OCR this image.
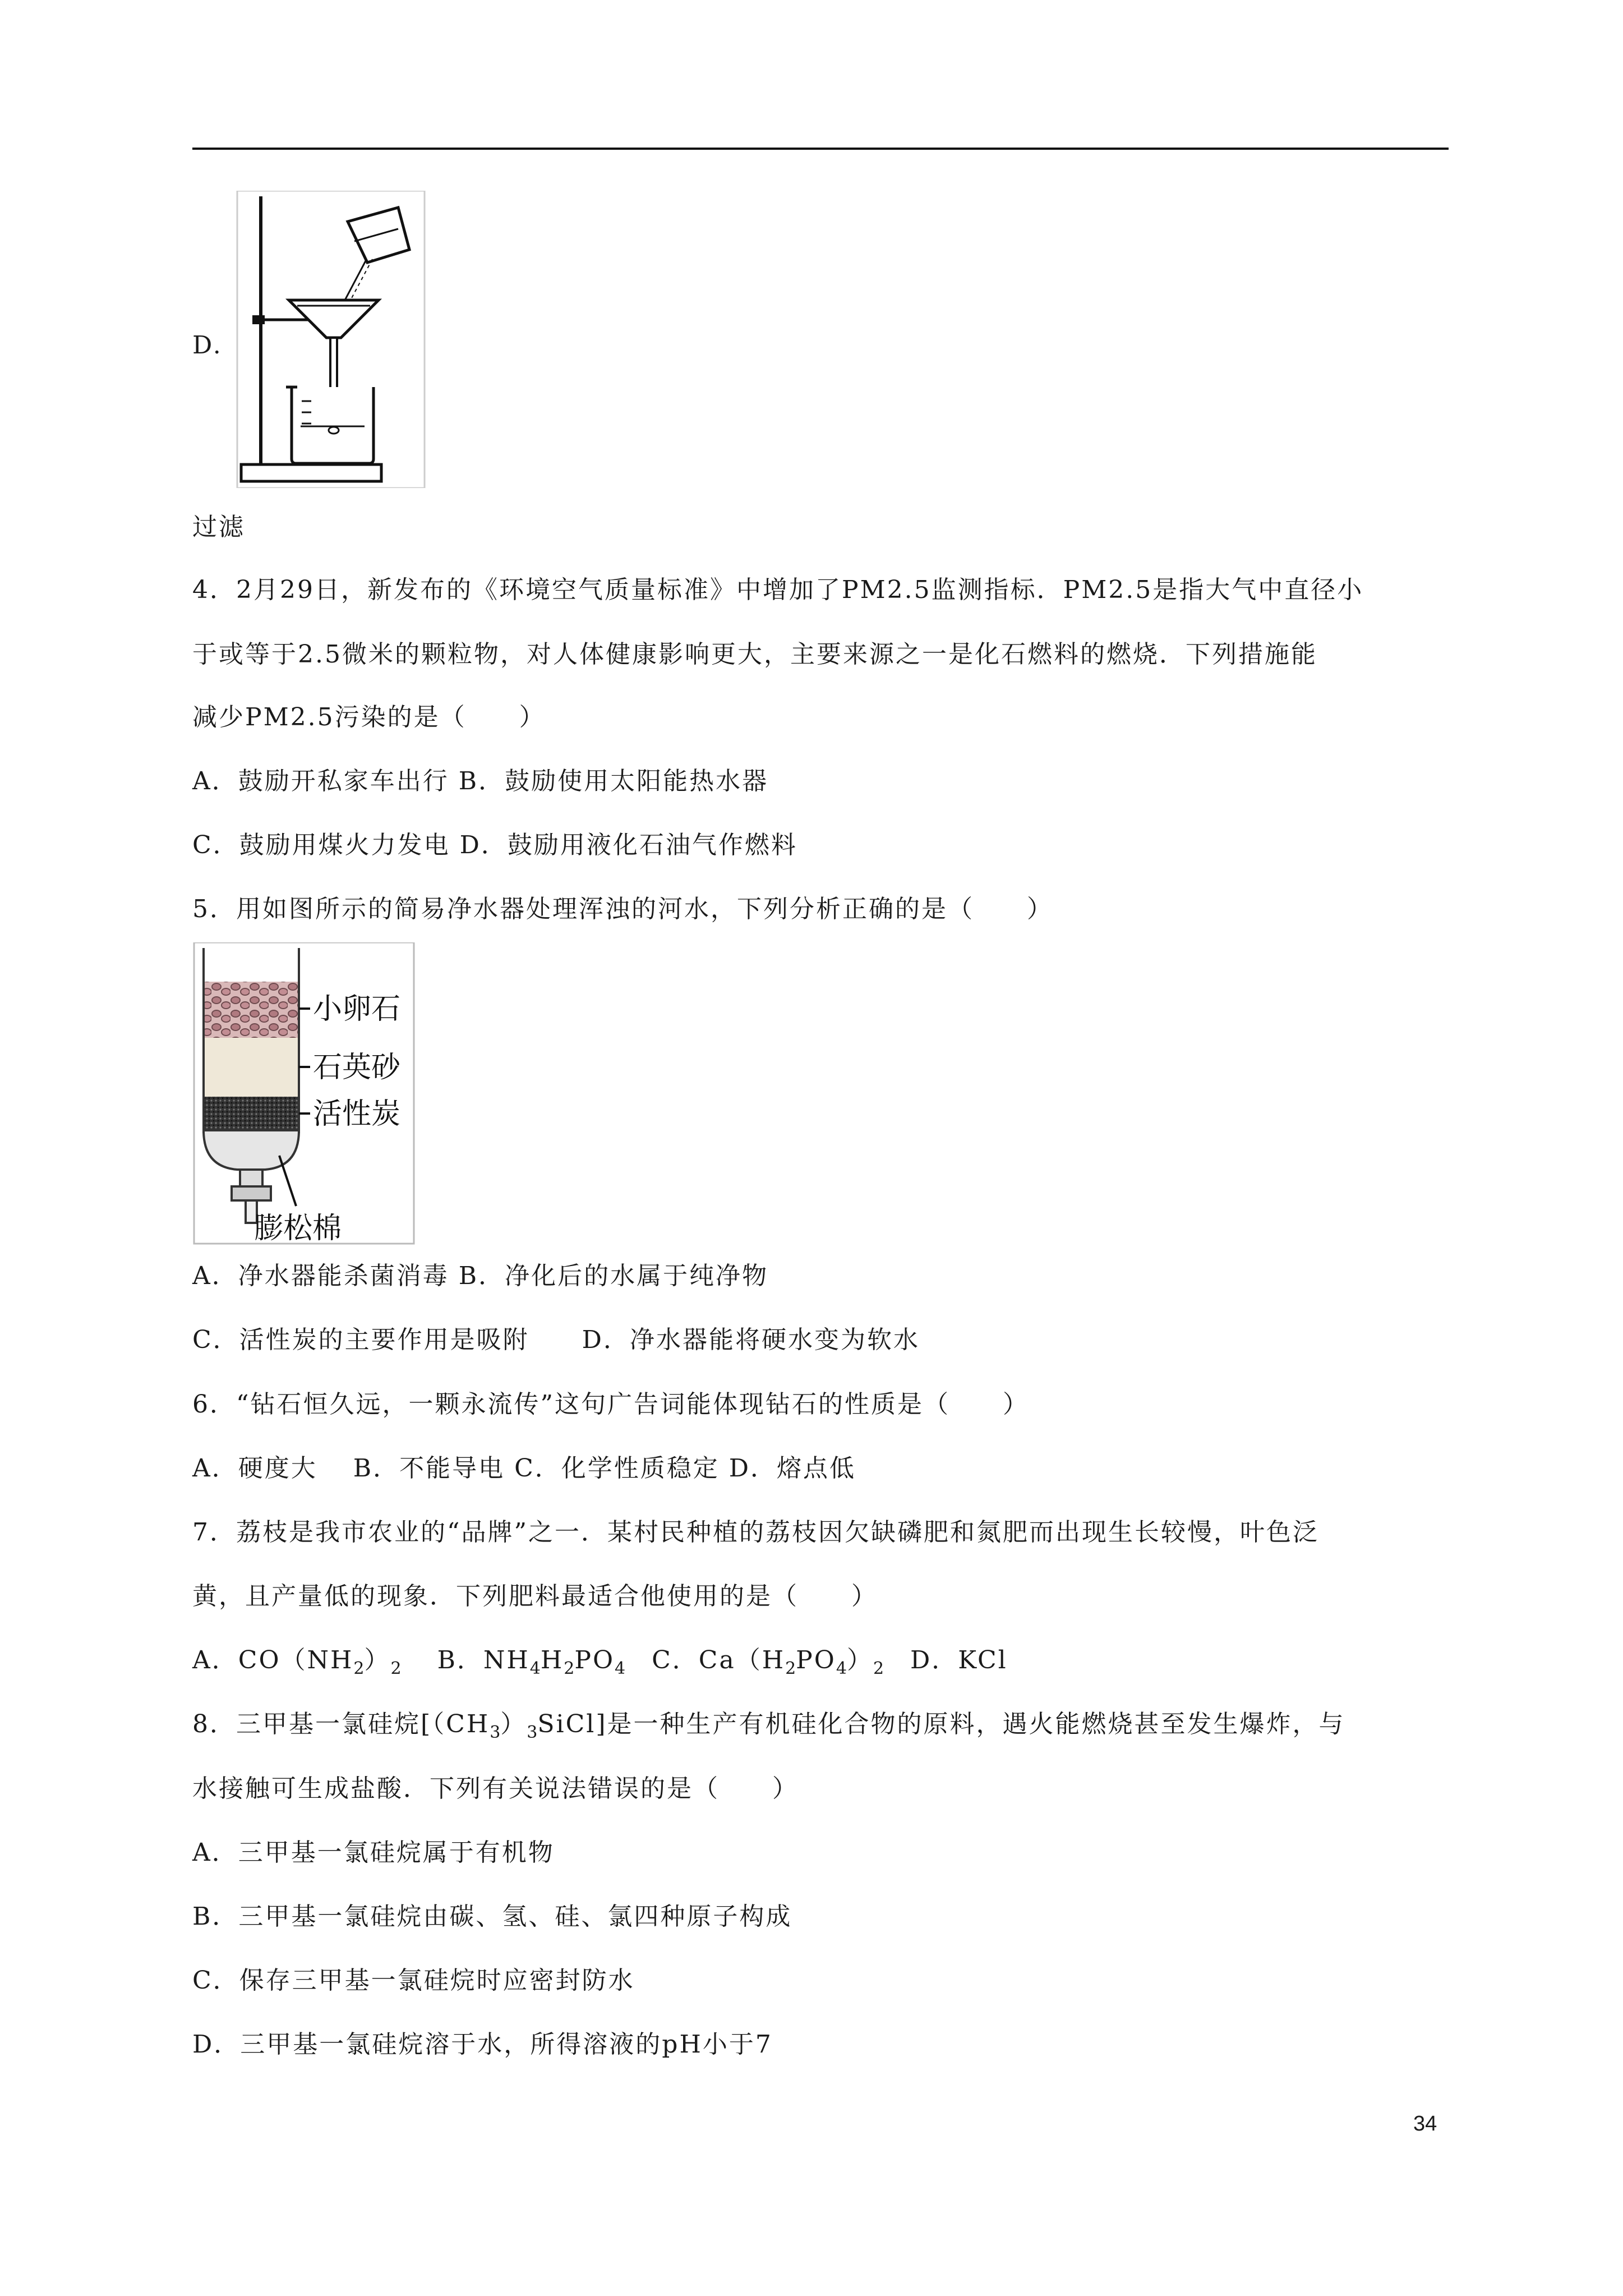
D.
过滤
4．2月29日，新发布的《环境空气质量标准》中增加了PM2.5监测指标．PM2.5是指大气中直径小
于或等于2.5微米的颗粒物，对人体健康影响更大，主要来源之一是化石燃料的燃烧．下列措施能
减少PM2.5污染的是（　　）
A．鼓励开私家车出行 B．鼓励使用太阳能热水器
C．鼓励用煤火力发电 D．鼓励用液化石油气作燃料
5．用如图所示的简易净水器处理浑浊的河水，下列分析正确的是（　　）
小卵石
石英砂
活性炭
膨松棉
A．净水器能杀菌消毒 B．净化后的水属于纯净物
C．活性炭的主要作用是吸附　　D．净水器能将硬水变为软水
6．“钻石恒久远，一颗永流传”这句广告词能体现钻石的性质是（　　）
A．硬度大　 B．不能导电 C．化学性质稳定 D．熔点低
7．荔枝是我市农业的“品牌”之一．某村民种植的荔枝因欠缺磷肥和氮肥而出现生长较慢，叶色泛
黄，且产量低的现象．下列肥料最适合他使用的是（　　）
A．$CO(NH_2)_2$　 B．$NH_4H_2PO_4$　C．$Ca(H_2PO_4)_2$　D．KCl
8．三甲基一氯硅烷$[(CH_3)_3SiCl]$是一种生产有机硅化合物的原料，遇火能燃烧甚至发生爆炸，与
水接触可生成盐酸．下列有关说法错误的是（　　）
A．三甲基一氯硅烷属于有机物
B．三甲基一氯硅烷由碳、氢、硅、氯四种原子构成
C．保存三甲基一氯硅烷时应密封防水
D．三甲基一氯硅烷溶于水，所得溶液的pH小于7
34
